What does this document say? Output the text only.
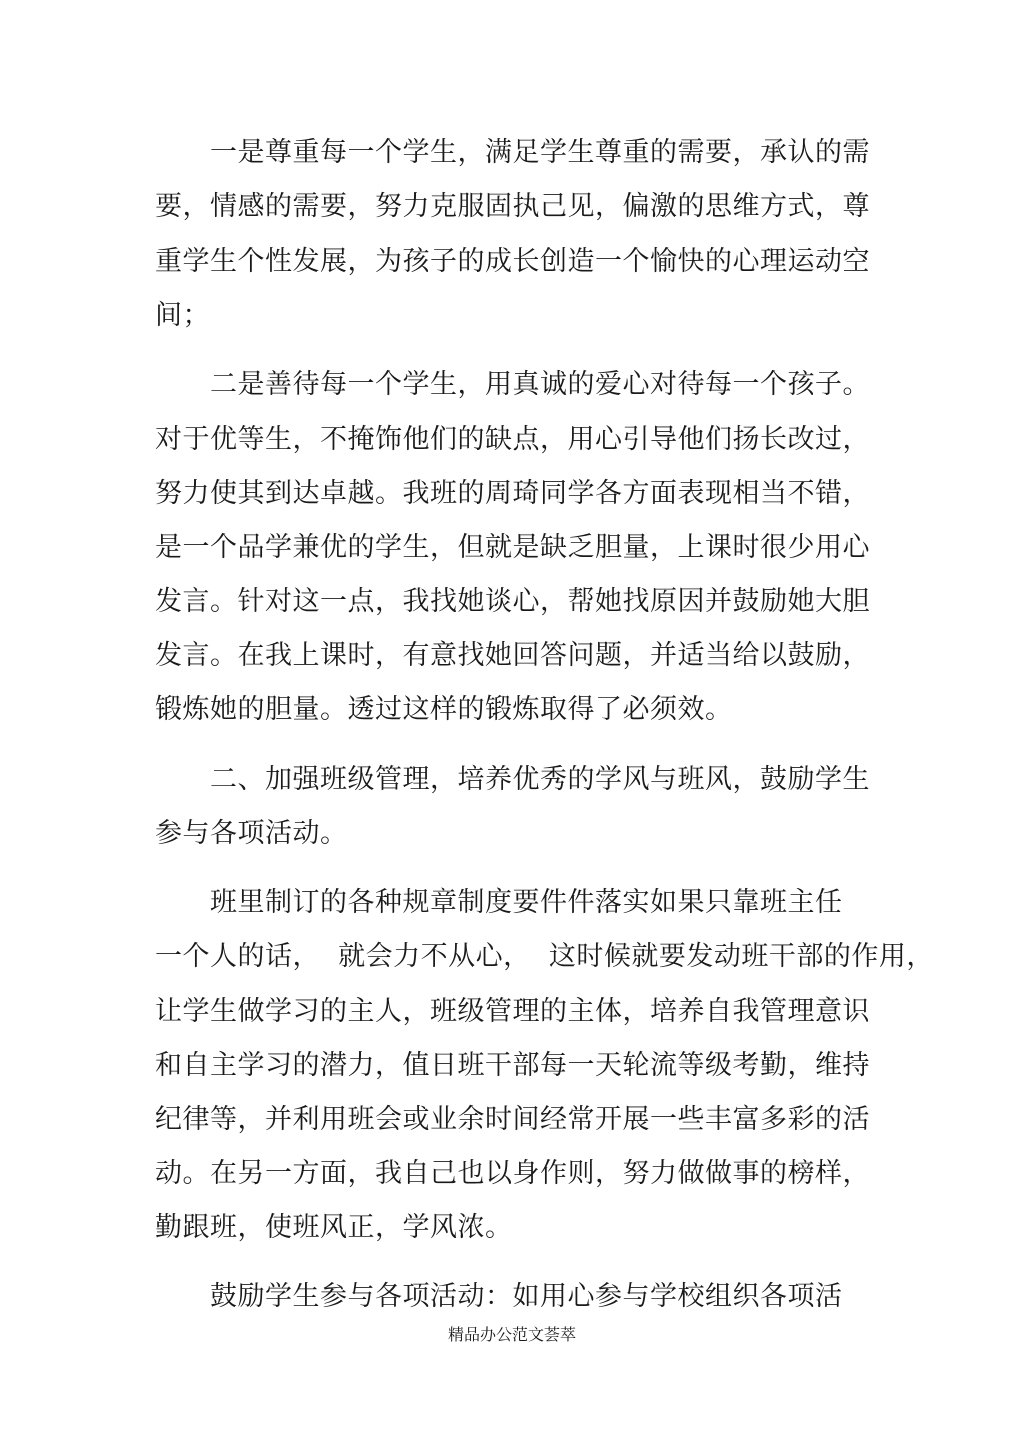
一是尊重每一个学生，满足学生尊重的需要，承认的需
要，情感的需要，努力克服固执己见，偏激的思维方式，尊
重学生个性发展，为孩子的成长创造一个愉快的心理运动空
间；
二是善待每一个学生，用真诚的爱心对待每一个孩子。
对于优等生，不掩饰他们的缺点，用心引导他们扬长改过，
努力使其到达卓越。我班的周琦同学各方面表现相当不错，
是一个品学兼优的学生，但就是缺乏胆量，上课时很少用心
发言。针对这一点，我找她谈心，帮她找原因并鼓励她大胆
发言。在我上课时，有意找她回答问题，并适当给以鼓励，
锻炼她的胆量。透过这样的锻炼取得了必须效。
二、加强班级管理，培养优秀的学风与班风，鼓励学生
参与各项活动。
班里制订的各种规章制度要件件落实如果只靠班主任
一个人的话，  就会力不从心，  这时候就要发动班干部的作用，
让学生做学习的主人，班级管理的主体，培养自我管理意识
和自主学习的潜力，值日班干部每一天轮流等级考勤，维持
纪律等，并利用班会或业余时间经常开展一些丰富多彩的活
动。在另一方面，我自己也以身作则，努力做做事的榜样，
勤跟班，使班风正，学风浓。
鼓励学生参与各项活动：如用心参与学校组织各项活
精品办公范文荟萃
